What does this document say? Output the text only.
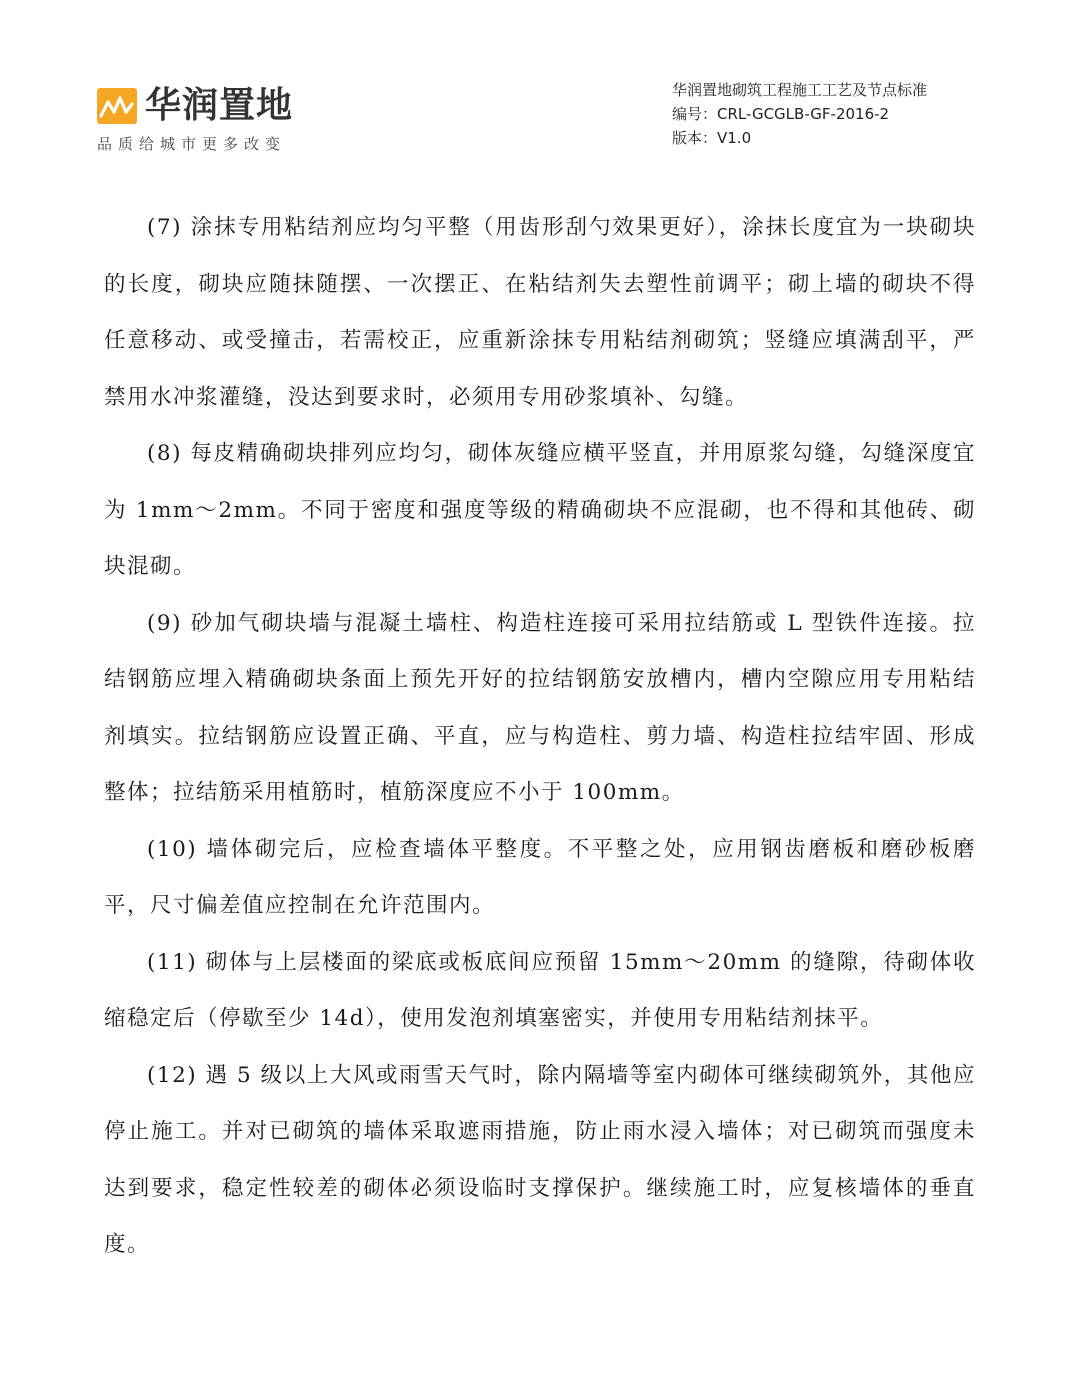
华润置地
品质给城市更多改变
华润置地砌筑工程施工工艺及节点标准
编号：CRL-GCGLB-GF-2016-2
版本：V1.0

(7) 涂抹专用粘结剂应均匀平整（用齿形刮勺效果更好），涂抹长度宜为一块砌块的长度，砌块应随抹随摆、一次摆正、在粘结剂失去塑性前调平；砌上墙的砌块不得任意移动、或受撞击，若需校正，应重新涂抹专用粘结剂砌筑；竖缝应填满刮平，严禁用水冲浆灌缝，没达到要求时，必须用专用砂浆填补、勾缝。

(8) 每皮精确砌块排列应均匀，砌体灰缝应横平竖直，并用原浆勾缝，勾缝深度宜为 1mm～2mm。不同于密度和强度等级的精确砌块不应混砌，也不得和其他砖、砌块混砌。

(9) 砂加气砌块墙与混凝土墙柱、构造柱连接可采用拉结筋或 L 型铁件连接。拉结钢筋应埋入精确砌块条面上预先开好的拉结钢筋安放槽内，槽内空隙应用专用粘结剂填实。拉结钢筋应设置正确、平直，应与构造柱、剪力墙、构造柱拉结牢固、形成整体；拉结筋采用植筋时，植筋深度应不小于 100mm。

(10) 墙体砌完后，应检查墙体平整度。不平整之处，应用钢齿磨板和磨砂板磨平，尺寸偏差值应控制在允许范围内。

(11) 砌体与上层楼面的梁底或板底间应预留 15mm～20mm 的缝隙，待砌体收缩稳定后（停歇至少 14d），使用发泡剂填塞密实，并使用专用粘结剂抹平。

(12) 遇 5 级以上大风或雨雪天气时，除内隔墙等室内砌体可继续砌筑外，其他应停止施工。并对已砌筑的墙体采取遮雨措施，防止雨水浸入墙体；对已砌筑而强度未达到要求，稳定性较差的砌体必须设临时支撑保护。继续施工时，应复核墙体的垂直度。
